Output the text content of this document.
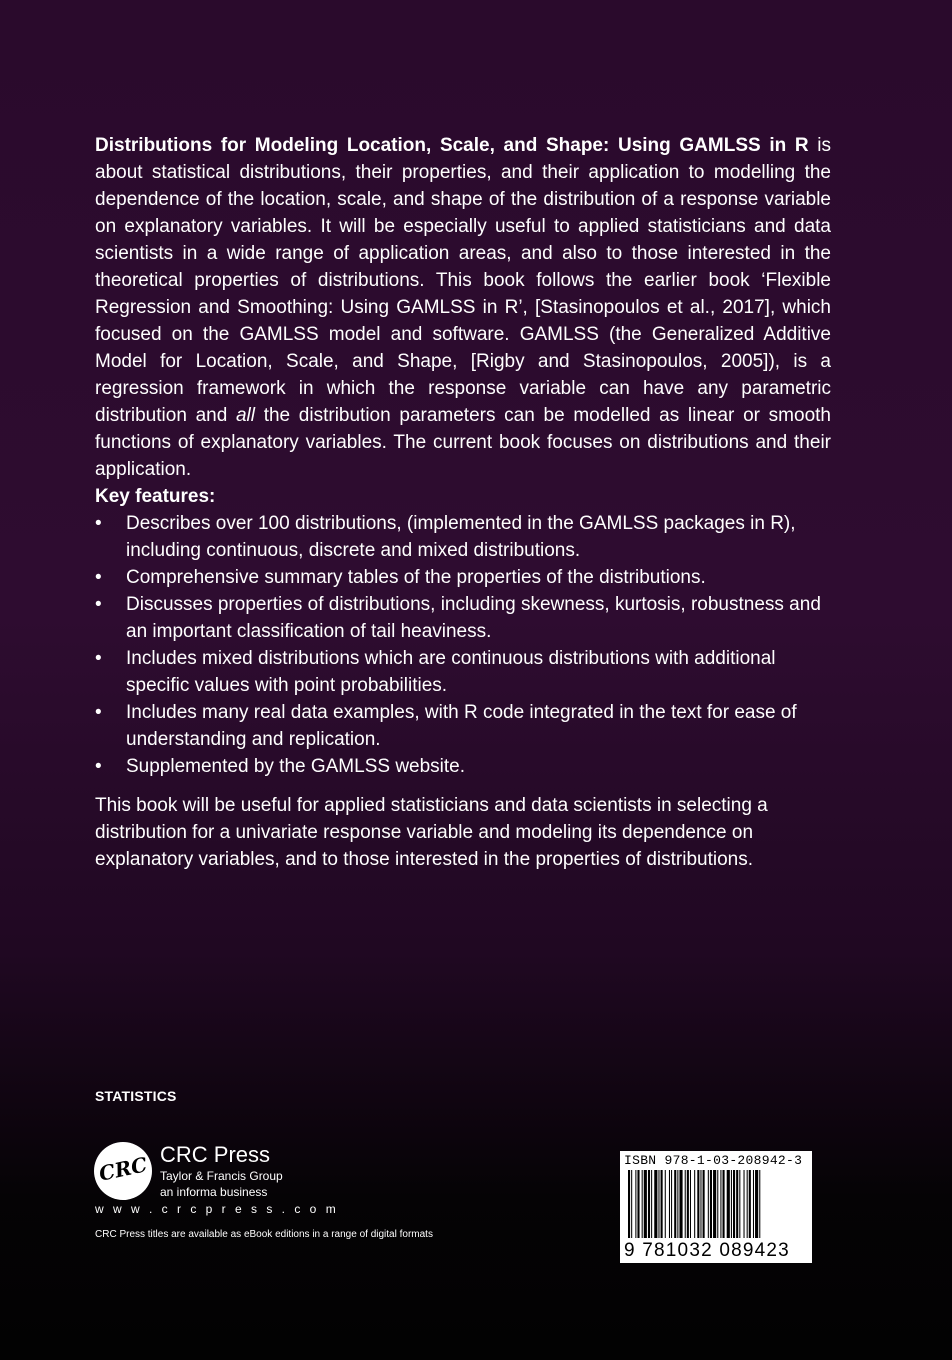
Distributions for Modeling Location, Scale, and Shape: Using GAMLSS in R is about statistical distributions, their properties, and their application to modelling the dependence of the location, scale, and shape of the distribution of a response variable on explanatory variables. It will be especially useful to applied statisticians and data scientists in a wide range of application areas, and also to those interested in the theoretical properties of distributions. This book follows the earlier book ‘Flexible Regression and Smoothing: Using GAMLSS in R’, [Stasinopoulos et al., 2017], which focused on the GAMLSS model and software. GAMLSS (the Generalized Additive Model for Location, Scale, and Shape, [Rigby and Stasinopoulos, 2005]), is a regression framework in which the response variable can have any parametric distribution and all the distribution parameters can be modelled as linear or smooth functions of explanatory variables. The current book focuses on distributions and their application.

Key features:

• Describes over 100 distributions, (implemented in the GAMLSS packages in R), including continuous, discrete and mixed distributions.
• Comprehensive summary tables of the properties of the distributions.
• Discusses properties of distributions, including skewness, kurtosis, robustness and an important classification of tail heaviness.
• Includes mixed distributions which are continuous distributions with additional specific values with point probabilities.
• Includes many real data examples, with R code integrated in the text for ease of understanding and replication.
• Supplemented by the GAMLSS website.

This book will be useful for applied statisticians and data scientists in selecting a distribution for a univariate response variable and modeling its dependence on explanatory variables, and to those interested in the properties of distributions.

STATISTICS
CRC CRC Press
Taylor & Francis Group
an informa business
w w w . c r c p r e s s . c o m
CRC Press titles are available as eBook editions in a range of digital formats
ISBN 978-1-03-208942-3
9 781032 089423
